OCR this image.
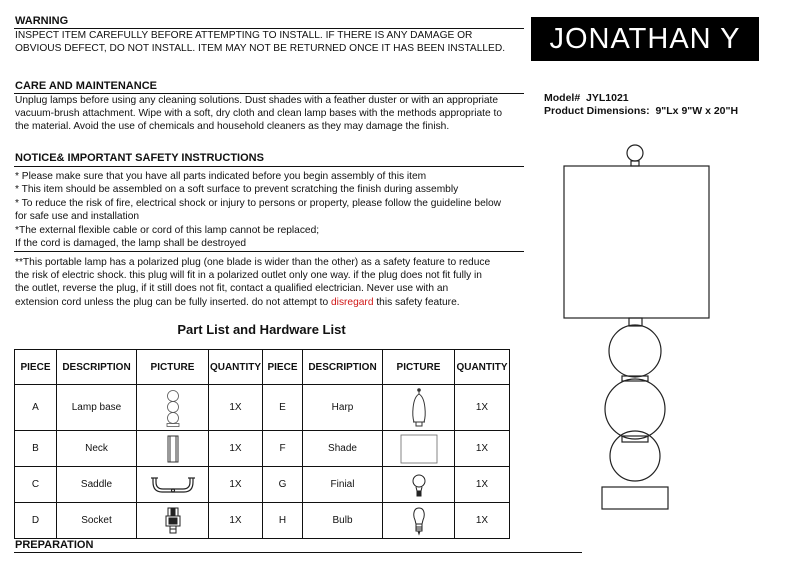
WARNING
INSPECT ITEM CAREFULLY BEFORE ATTEMPTING TO INSTALL. IF THERE IS ANY DAMAGE OR
OBVIOUS DEFECT, DO NOT INSTALL. ITEM MAY NOT BE RETURNED ONCE IT HAS BEEN INSTALLED.	JONATHAN Y
Model# JYL1021
Product Dimensions: 9"Lx 9"W x 20"H
CARE AND MAINTENANCE
Unplug lamps before using any cleaning solutions. Dust shades with a feather duster or with an appropriate
vacuum-brush attachment. Wipe with a soft, dry cloth and clean lamp bases with the methods appropriate to
the material. Avoid the use of chemicals and household cleaners as they may damage the finish.
NOTICE& IMPORTANT SAFETY INSTRUCTIONS
* Please make sure that you have all parts indicated before you begin assembly of this item
* This item should be assembled on a soft surface to prevent scratching the finish during assembly
* To reduce the risk of fire, electrical shock or injury to persons or property, please follow the guideline below
for safe use and installation
*The external flexible cable or cord of this lamp cannot be replaced;
If the cord is damaged, the lamp shall be destroyed
**This portable lamp has a polarized plug (one blade is wider than the other) as a safety feature to reduce
the risk of electric shock. this plug will fit in a polarized outlet only one way. if the plug does not fit fully in
the outlet, reverse the plug, if it still does not fit, contact a qualified electrician. Never use with an
extension cord unless the plug can be fully inserted. do not attempt to disregard this safety feature.
Part List and Hardware List
PIECE	DESCRIPTION	PICTURE	QUANTITY	PIECE	DESCRIPTION	PICTURE	QUANTITY
A	Lamp base		1X	E	Harp		1X
B	Neck		1X	F	Shade		1X
C	Saddle		1X	G	Finial		1X
D	Socket		1X	H	Bulb		1X
PREPARATION
